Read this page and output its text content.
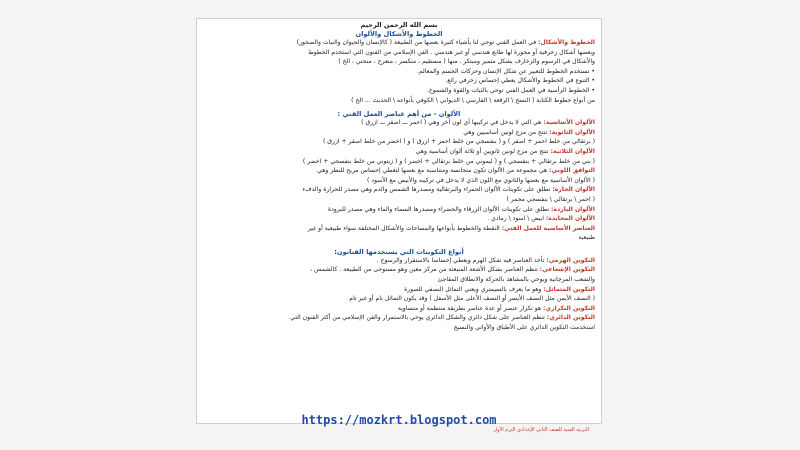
بسم الله الرحمن الرحيم
الخطوط والأشكال والألوان
الخطوط والأشكال: في العمل الفني توحي لنا بأشياء كثيرة بعضها من الطبيعة ( كالإنسان والحيوان والنبات والصخور)
وبعضها أشكال زخرفية أو محورة لها طابع هندسي أو غير هندسي . الفن الإسلامي من الفنون التي استخدم الخطوط
والأشكال في الرسوم والزخارف بشكل متميز ومبتكر . منها ( مستقيم ، منكسر ، متعرج ، منحني ، الخ )
• تستخدم الخطوط للتعبير عن شكل الإنسان وحركات الجسم والمعالم.
• التنوع في الخطوط والأشكال يعطي إحساس زخرفي رائع.
• الخطوط الرأسية في العمل الفني توحي بالثبات والقوة والشموخ.
من أنواع خطوط الكتابة ( النسخ \ الرقعة \ الفارسي \ الديواني \ الكوفي بأنواعه \ الحديث ... الخ )
الألوان - من أهم عناصر العمل الفني :
الألوان الأساسية: هي التي لا يدخل في تركيبها أي لون آخر وهي ( احمر ـــ اصفر ـــ ازرق )
الألوان الثانوية: تنتج من مزج لونين أساسيين وهي
( برتقالي من خلط احمر + اصفر ) و ( بنفسجي من خلط احمر + ازرق ) و ( اخضر من خلط اصفر + ازرق )
الألوان الثلاثية: تنتج من مزج لونين ثانويين أو ثلاثة ألوان أساسية وهي
( بني من خلط برتقالي + بنفسجي ) و ( ليموني من خلط برتقالي + اخضر ) و ( زيتوني من خلط بنفسجي + اخضر )
التوافق اللوني: هي مجموعة من الألوان تكون متجانسة ومتناسبة مع بعضها لتعطي إحساس مريح للنظر وهي
( الألوان الأساسية مع بعضها والثانوي مع اللون الذي لا يدخل في تركيبه والأبيض مع الأسود )
الألوان الحارة: تطلق على تكوينات الألوان الحمراء والبرتقالية ومصدرها الشمس والدم وهي مصدر للحرارة والدفء
( احمر \ برتقالي \ بنفسجي محمر )
الألوان الباردة: تطلق على تكوينات الألوان الزرقاء والخضراء ومصدرها السماء والماء وهي مصدر للبرودة
الألوان المحايدة: ابيض \ اسود \ رمادي .
العناصر الأساسية للعمل الفني: النقطة والخطوط بأنواعها والمساحات والأشكال المختلفة سواء طبيعية أو غير
طبيعية
أنواع التكوينات التي يستخدمها الفنانون:
التكوين الهرمي: تأخذ العناصر فيه شكل الهرم ويعطي إحساسا بالاستقرار والرسوخ .
التكوين الإشعاعي: تنظم العناصر بشكل الأشعة المنبعثة من مركز معين وهو مستوحى من الطبيعة . كالشمس ،
والشعب المرجانية ويوحي بالمشاهد بالحركة والانطلاق المفاجئ
التكوين المتماثل: وهو ما يعرف بالسيمتري ويعني التماثل النصفي للصورة
( النصف الأيمن مثل النصف الأيسر أو النصف الأعلى مثل الأسفل ) وقد يكون التماثل تام أو غير تام
التكوين التكراري: هو تكرار عنصر أو عدة عناصر بطريقة منتظمة أو متساوية
التكوين الدائري: تنظم العناصر على شكل دائري والشكل الدائري يوحي بالاستمرار والفن الإسلامي من أكثر الفنون التي
استخدمت التكوين الدائري على الأطباق والأواني والنسيج
https://mozkrt.blogspot.com
التربية الفنية للصف الثاني الإعدادي الترم الأول
